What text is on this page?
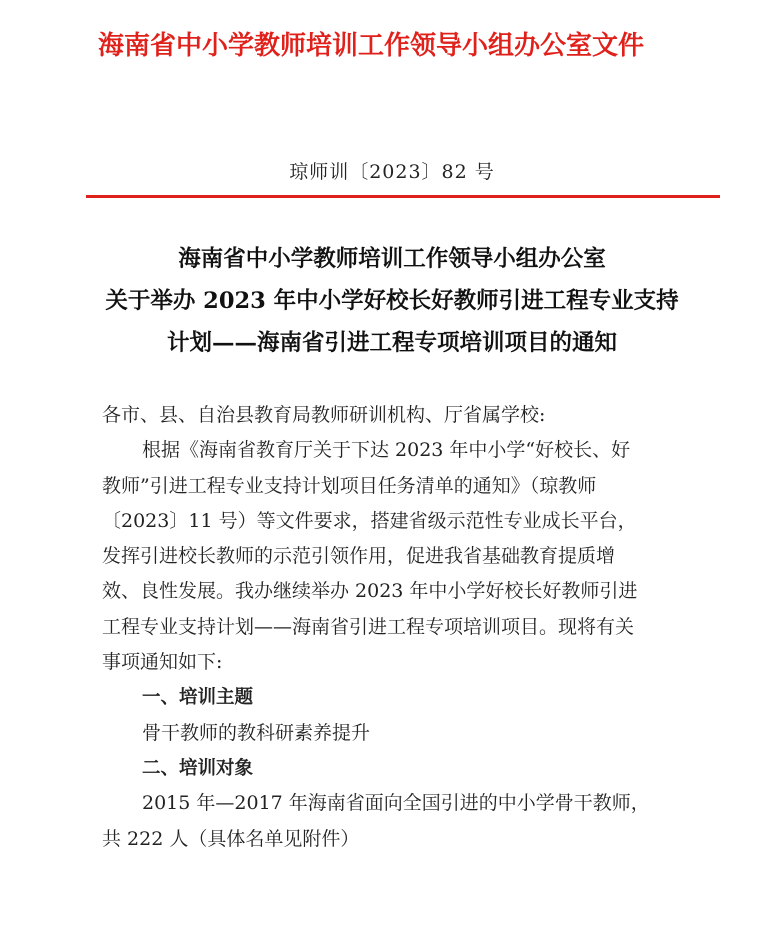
海南省中小学教师培训工作领导小组办公室文件
琼师训〔2023〕82 号
海南省中小学教师培训工作领导小组办公室
关于举办 2023 年中小学好校长好教师引进工程专业支持
计划——海南省引进工程专项培训项目的通知
各市、县、自治县教育局教师研训机构、厅省属学校:
根据《海南省教育厅关于下达 2023 年中小学“好校长、好
教师”引进工程专业支持计划项目任务清单的通知》（琼教师
〔2023〕11 号）等文件要求，搭建省级示范性专业成长平台，
发挥引进校长教师的示范引领作用，促进我省基础教育提质增
效、良性发展。我办继续举办 2023 年中小学好校长好教师引进
工程专业支持计划——海南省引进工程专项培训项目。现将有关
事项通知如下:
一、培训主题
骨干教师的教科研素养提升
二、培训对象
2015 年—2017 年海南省面向全国引进的中小学骨干教师，
共 222 人（具体名单见附件）
